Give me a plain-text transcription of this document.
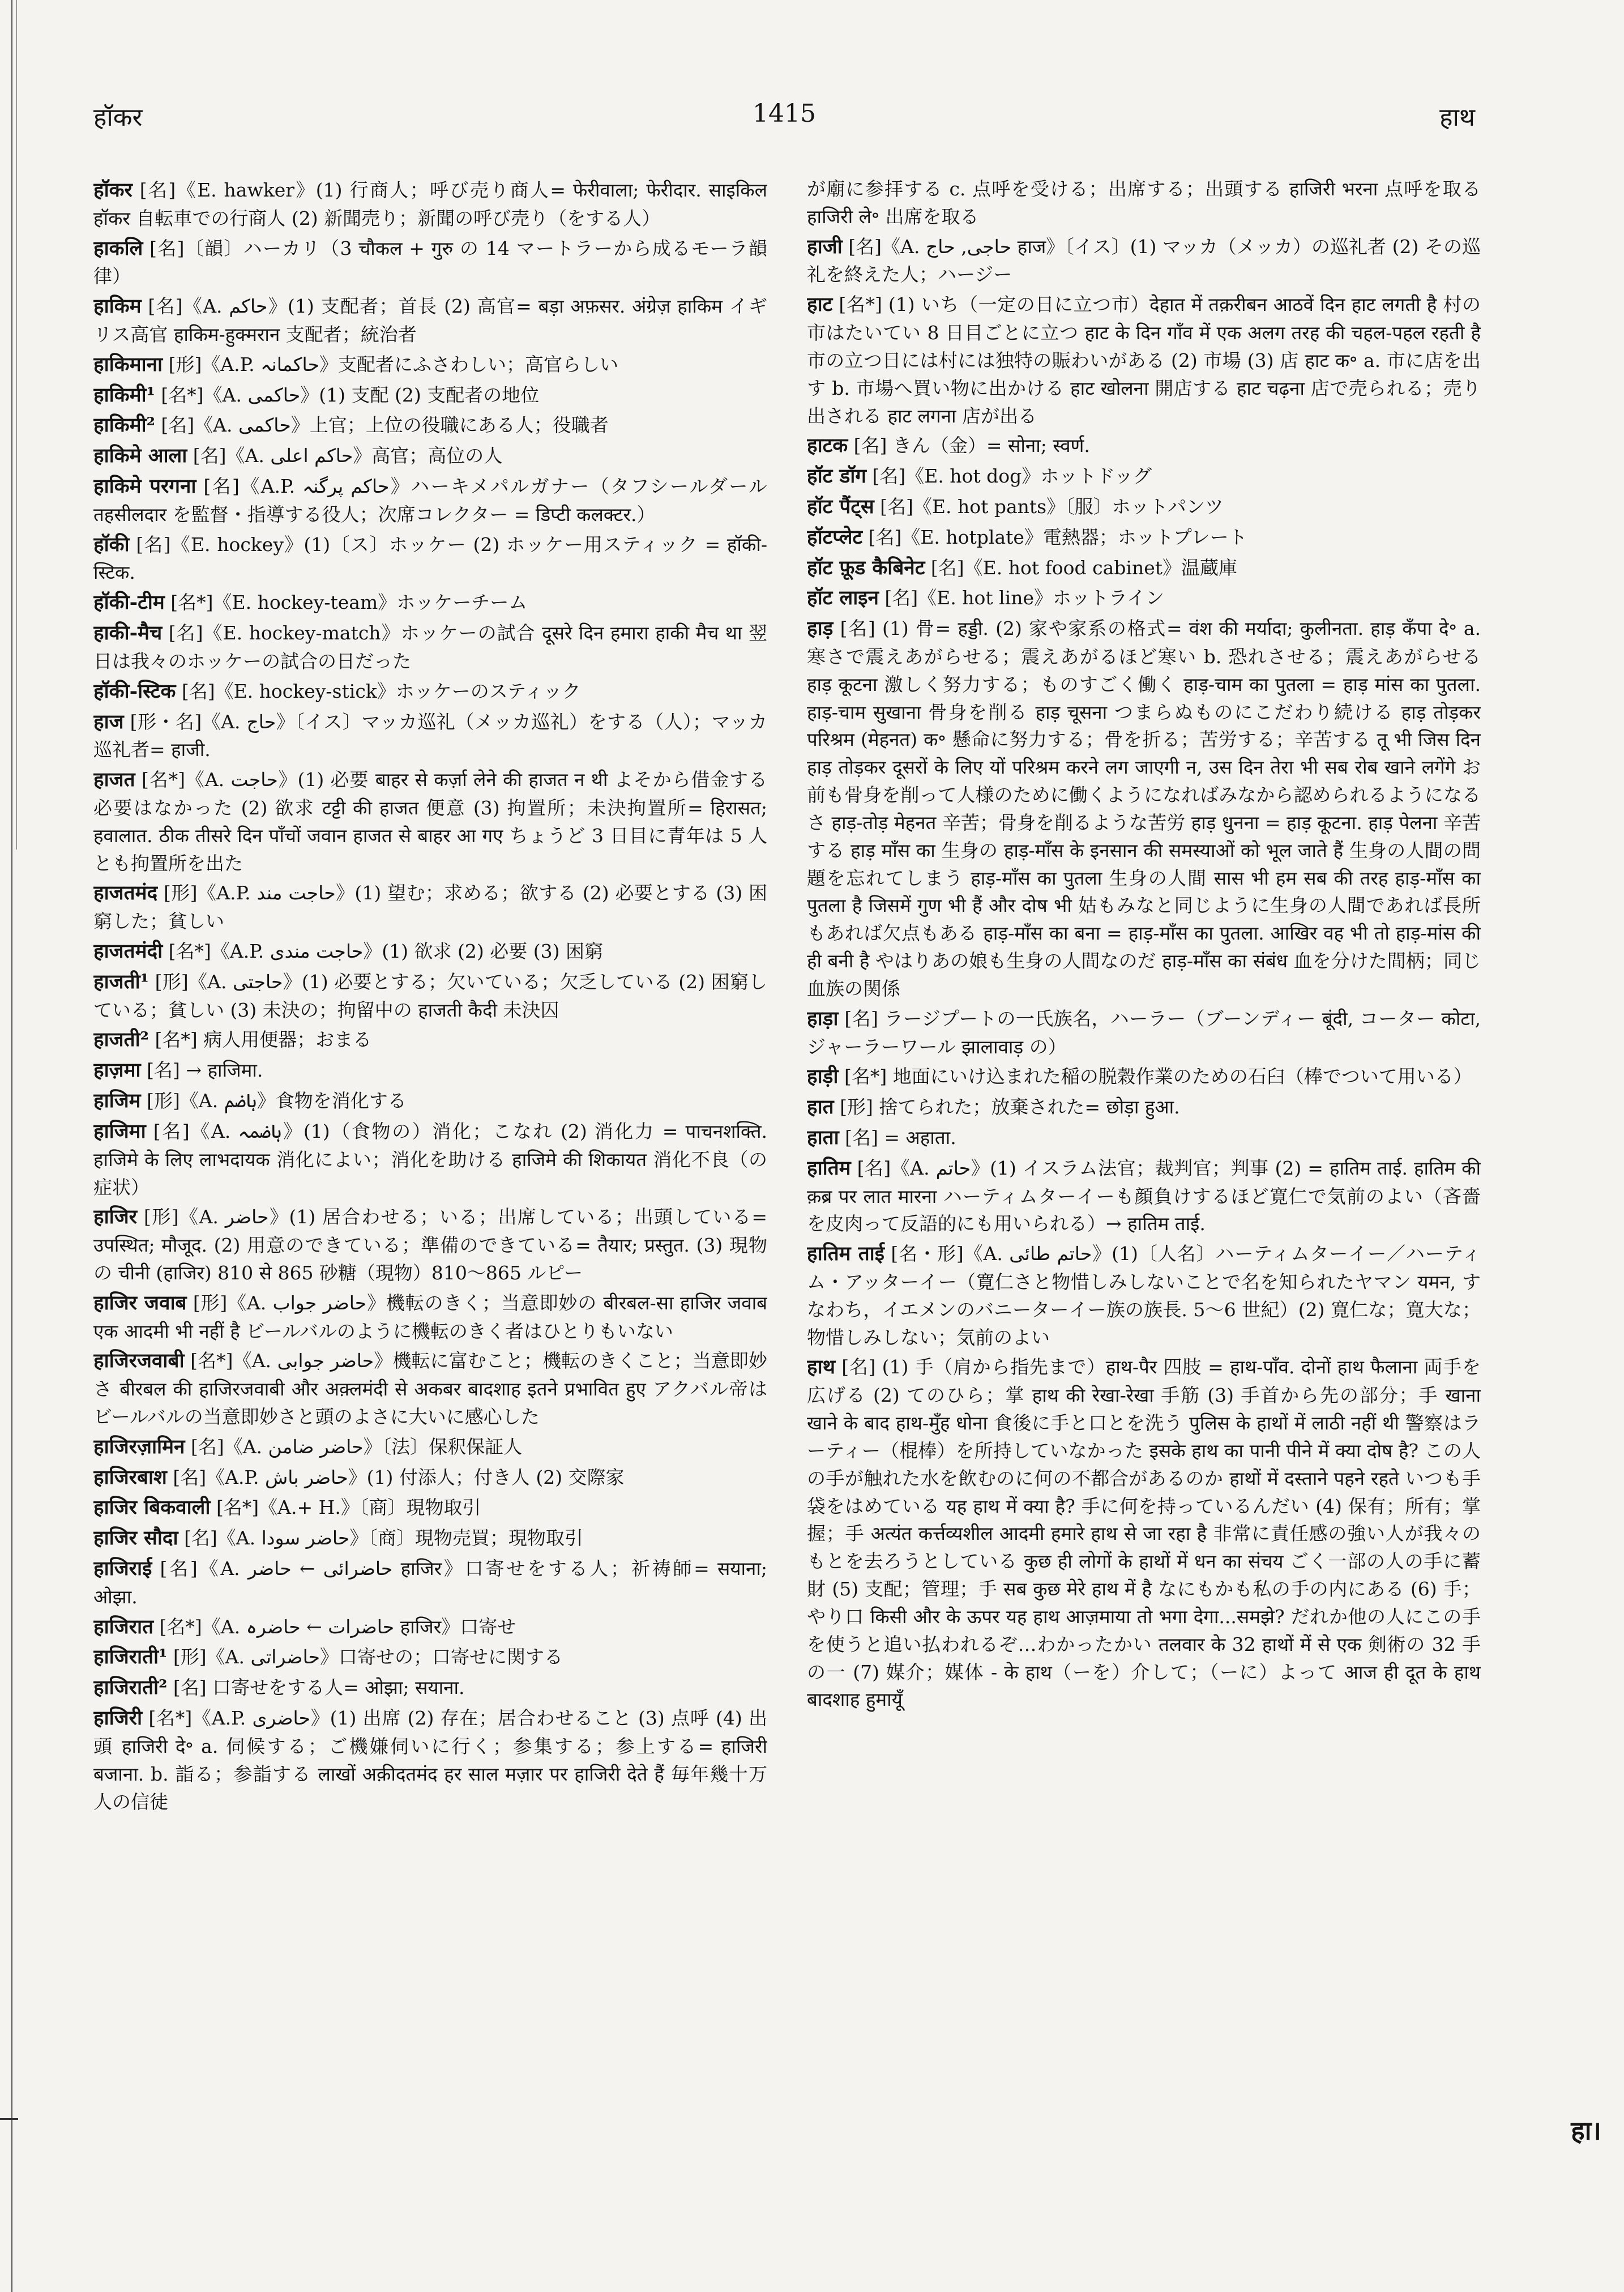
हॉकर	1415	हाथ

हॉकर [名]《E. hawker》(1) 行商人；呼び売り商人= फेरीवाला; फेरीदार. साइकिल हॉकर 自転車での行商人 (2) 新聞売り；新聞の呼び売り（をする人）

हाकलि [名]〔韻〕ハーカリ（3 चौकल + गुरु の 14 マートラーから成るモーラ韻律）

हाकिम [名]《A. حاکم》(1) 支配者；首長 (2) 高官= बड़ा अफ़सर. अंग्रेज़ हाकिम イギリス高官 हाकिम-हुक्मरान 支配者；統治者

हाकिमाना [形]《A.P. حاکمانہ》支配者にふさわしい；高官らしい

हाकिमी¹ [名*]《A. حاکمی》(1) 支配 (2) 支配者の地位

हाकिमी² [名]《A. حاکمی》上官；上位の役職にある人；役職者

हाकिमे आला [名]《A. حاکم اعلی》高官；高位の人

हाकिमे परगना [名]《A.P. حاکم پرگنہ》ハーキメパルガナー（タフシールダール तहसीलदार を監督・指導する役人；次席コレクター = डिप्टी कलक्टर.）

हॉकी [名]《E. hockey》(1)〔ス〕ホッケー (2) ホッケー用スティック = हॉकी-स्टिक.

हॉकी-टीम [名*]《E. hockey-team》ホッケーチーム

हाकी-मैच [名]《E. hockey-match》ホッケーの試合 दूसरे दिन हमारा हाकी मैच था 翌日は我々のホッケーの試合の日だった

हॉकी-स्टिक [名]《E. hockey-stick》ホッケーのスティック

हाज [形・名]《A. حاج》〔イス〕マッカ巡礼（メッカ巡礼）をする（人）；マッカ巡礼者= हाजी.

हाजत [名*]《A. حاجت》(1) 必要 बाहर से कर्ज़ा लेने की हाजत न थी よそから借金する必要はなかった (2) 欲求 टट्टी की हाजत 便意 (3) 拘置所；未決拘置所= हिरासत; हवालात. ठीक तीसरे दिन पाँचों जवान हाजत से बाहर आ गए ちょうど 3 日目に青年は 5 人とも拘置所を出た

हाजतमंद [形]《A.P. حاجت مند》(1) 望む；求める；欲する (2) 必要とする (3) 困窮した；貧しい

हाजतमंदी [名*]《A.P. حاجت مندی》(1) 欲求 (2) 必要 (3) 困窮

हाजती¹ [形]《A. حاجتی》(1) 必要とする；欠いている；欠乏している (2) 困窮している；貧しい (3) 未決の；拘留中の हाजती कैदी 未決囚

हाजती² [名*] 病人用便器；おまる

हाज़मा [名] → हाजिमा.

हाजिम [形]《A. ہاضم》食物を消化する

हाजिमा [名]《A. ہاضمہ》(1)（食物の）消化；こなれ (2) 消化力 = पाचनशक्ति. हाजिमे के लिए लाभदायक 消化によい；消化を助ける हाजिमे की शिकायत 消化不良（の症状）

हाजिर [形]《A. حاضر》(1) 居合わせる；いる；出席している；出頭している= उपस्थित; मौजूद. (2) 用意のできている；準備のできている= तैयार; प्रस्तुत. (3) 現物の चीनी (हाजिर) 810 से 865 砂糖（現物）810〜865 ルピー

हाजिर जवाब [形]《A. حاضر جواب》機転のきく；当意即妙の बीरबल-सा हाजिर जवाब एक आदमी भी नहीं है ビールバルのように機転のきく者はひとりもいない

हाजिरजवाबी [名*]《A. حاضر جوابی》機転に富むこと；機転のきくこと；当意即妙さ बीरबल की हाजिरजवाबी और अक़्लमंदी से अकबर बादशाह इतने प्रभावित हुए アクバル帝はビールバルの当意即妙さと頭のよさに大いに感心した

हाजिरज़ामिन [名]《A. حاضر ضامن》〔法〕保釈保証人

हाजिरबाश [名]《A.P. حاضر باش》(1) 付添人；付き人 (2) 交際家

हाजिर बिकवाली [名*]《A.+ H.》〔商〕現物取引

हाजिर सौदा [名]《A. حاضر سودا》〔商〕現物売買；現物取引

हाजिराई [名]《A. حاضرائی ← حاضر हाजिर》口寄せをする人；祈祷師= सयाना; ओझा.

हाजिरात [名*]《A. حاضرات ← حاضرہ हाजिर》口寄せ

हाजिराती¹ [形]《A. حاضراتی》口寄せの；口寄せに関する

हाजिराती² [名] 口寄せをする人= ओझा; सयाना.

हाजिरी [名*]《A.P. حاضری》(1) 出席 (2) 存在；居合わせること (3) 点呼 (4) 出頭 हाजिरी दे॰ a. 伺候する；ご機嫌伺いに行く；参集する；参上する= हाजिरी बजाना. b. 詣る；参詣する लाखों अक़ीदतमंद हर साल मज़ार पर हाजिरी देते हैं 毎年幾十万人の信徒

が廟に参拝する c. 点呼を受ける；出席する；出頭する हाजिरी भरना 点呼を取る हाजिरी ले॰ 出席を取る

हाजी [名]《A. حاجی, حاج हाज》〔イス〕(1) マッカ（メッカ）の巡礼者 (2) その巡礼を終えた人；ハージー

हाट [名*] (1) いち（一定の日に立つ市）देहात में तक़रीबन आठवें दिन हाट लगती है 村の市はたいてい 8 日目ごとに立つ हाट के दिन गाँव में एक अलग तरह की चहल-पहल रहती है 市の立つ日には村には独特の賑わいがある (2) 市場 (3) 店 हाट क॰ a. 市に店を出す b. 市場へ買い物に出かける हाट खोलना 開店する हाट चढ़ना 店で売られる；売り出される हाट लगना 店が出る

हाटक [名] きん（金）= सोना; स्वर्ण.

हॉट डॉग [名]《E. hot dog》ホットドッグ

हॉट पैंट्स [名]《E. hot pants》〔服〕ホットパンツ

हॉटप्लेट [名]《E. hotplate》電熱器；ホットプレート

हॉट फ़ूड कैबिनेट [名]《E. hot food cabinet》温蔵庫

हॉट लाइन [名]《E. hot line》ホットライン

हाड़ [名] (1) 骨= हड्डी. (2) 家や家系の格式= वंश की मर्यादा; कुलीनता. हाड़ कँपा दे॰ a. 寒さで震えあがらせる；震えあがるほど寒い b. 恐れさせる；震えあがらせる हाड़ कूटना 激しく努力する；ものすごく働く हाड़-चाम का पुतला = हाड़ मांस का पुतला. हाड़-चाम सुखाना 骨身を削る हाड़ चूसना つまらぬものにこだわり続ける हाड़ तोड़कर परिश्रम (मेहनत) क॰ 懸命に努力する；骨を折る；苦労する；辛苦する तू भी जिस दिन हाड़ तोड़कर दूसरों के लिए यों परिश्रम करने लग जाएगी न, उस दिन तेरा भी सब रोब खाने लगेंगे お前も骨身を削って人様のために働くようになればみなから認められるようになるさ हाड़-तोड़ मेहनत 辛苦；骨身を削るような苦労 हाड़ धुनना = हाड़ कूटना. हाड़ पेलना 辛苦する हाड़ माँस का 生身の हाड़-माँस के इनसान की समस्याओं को भूल जाते हैं 生身の人間の問題を忘れてしまう हाड़-माँस का पुतला 生身の人間 सास भी हम सब की तरह हाड़-माँस का पुतला है जिसमें गुण भी हैं और दोष भी 姑もみなと同じように生身の人間であれば長所もあれば欠点もある हाड़-माँस का बना = हाड़-माँस का पुतला. आखिर वह भी तो हाड़-मांस की ही बनी है やはりあの娘も生身の人間なのだ हाड़-माँस का संबंध 血を分けた間柄；同じ血族の関係

हाड़ा [名] ラージプートの一氏族名，ハーラー（ブーンディー बूंदी, コーター कोटा, ジャーラーワール झालावाड़ の）

हाड़ी [名*] 地面にいけ込まれた稲の脱穀作業のための石臼（棒でついて用いる）

हात [形] 捨てられた；放棄された= छोड़ा हुआ.

हाता [名] = अहाता.

हातिम [名]《A. حاتم》(1) イスラム法官；裁判官；判事 (2) = हातिम ताई. हातिम की क़ब्र पर लात मारना ハーティムターイーも顔負けするほど寛仁で気前のよい（吝嗇を皮肉って反語的にも用いられる）→ हातिम ताई.

हातिम ताई [名・形]《A. حاتم طائی》(1)〔人名〕ハーティムターイー／ハーティム・アッターイー（寛仁さと物惜しみしないことで名を知られたヤマン यमन, すなわち，イエメンのバニーターイー族の族長. 5〜6 世紀）(2) 寛仁な；寛大な；物惜しみしない；気前のよい

हाथ [名] (1) 手（肩から指先まで）हाथ-पैर 四肢 = हाथ-पाँव. दोनों हाथ फैलाना 両手を広げる (2) てのひら；掌 हाथ की रेखा-रेखा 手筋 (3) 手首から先の部分；手 खाना खाने के बाद हाथ-मुँह धोना 食後に手と口とを洗う पुलिस के हाथों में लाठी नहीं थी 警察はラーティー（棍棒）を所持していなかった इसके हाथ का पानी पीने में क्या दोष है? この人の手が触れた水を飲むのに何の不都合があるのか हाथों में दस्ताने पहने रहते いつも手袋をはめている यह हाथ में क्या है? 手に何を持っているんだい (4) 保有；所有；掌握；手 अत्यंत कर्त्तव्यशील आदमी हमारे हाथ से जा रहा है 非常に責任感の強い人が我々のもとを去ろうとしている कुछ ही लोगों के हाथों में धन का संचय ごく一部の人の手に蓄財 (5) 支配；管理；手 सब कुछ मेरे हाथ में है なにもかも私の手の内にある (6) 手；やり口 किसी और के ऊपर यह हाथ आज़माया तो भगा देगा...समझे? だれか他の人にこの手を使うと追い払われるぞ…わかったかい तलवार के 32 हाथों में से एक 剣術の 32 手の一 (7) 媒介；媒体 - के हाथ（ーを）介して；（ーに）よって आज ही दूत के हाथ बादशाह हुमायूँ

हा।
